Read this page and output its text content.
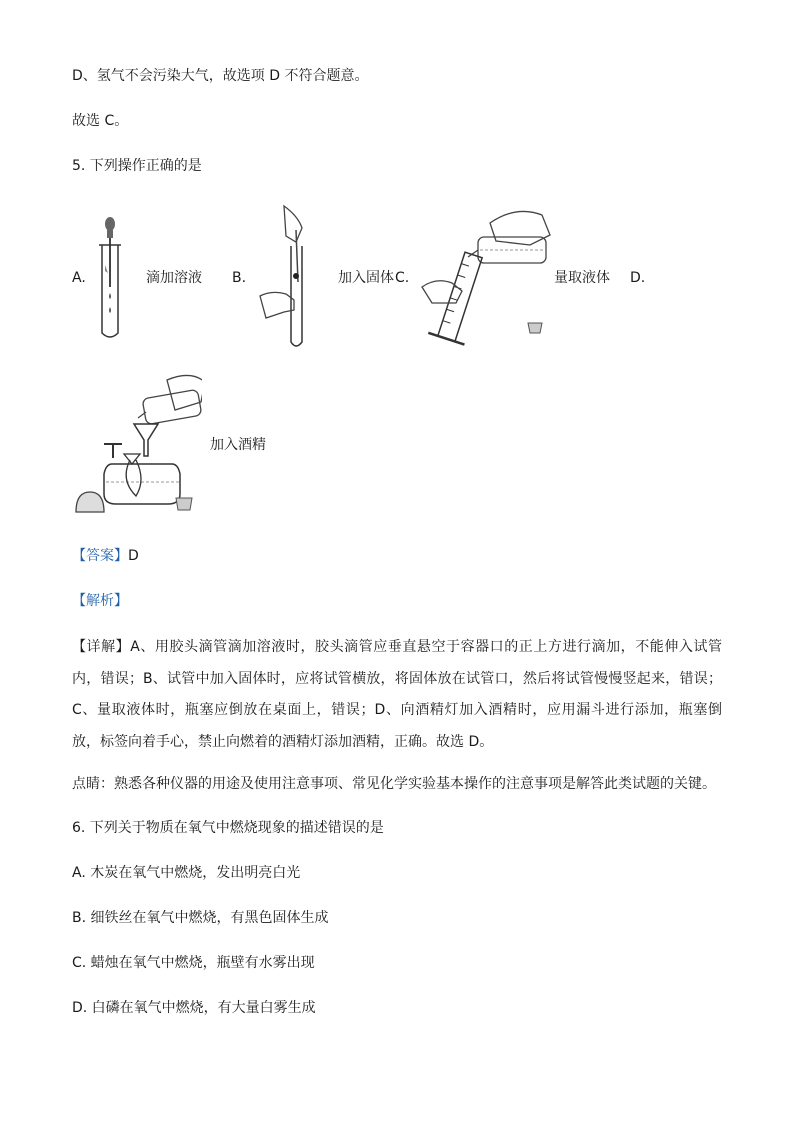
D、氢气不会污染大气，故选项 D 不符合题意。
故选 C。
5. 下列操作正确的是
A.	滴加溶液 B.	加入固体 C.	量取液体 D.
加入酒精
【答案】D
【解析】
【详解】A、用胶头滴管滴加溶液时，胶头滴管应垂直悬空于容器口的正上方进行滴加，不能伸入试管内，错误；B、试管中加入固体时，应将试管横放，将固体放在试管口，然后将试管慢慢竖起来，错误；C、量取液体时，瓶塞应倒放在桌面上，错误；D、向酒精灯加入酒精时，应用漏斗进行添加，瓶塞倒放，标签向着手心，禁止向燃着的酒精灯添加酒精，正确。故选 D。
点睛：熟悉各种仪器的用途及使用注意事项、常见化学实验基本操作的注意事项是解答此类试题的关键。
6. 下列关于物质在氧气中燃烧现象的描述错误的是
A. 木炭在氧气中燃烧，发出明亮白光
B. 细铁丝在氧气中燃烧，有黑色固体生成
C. 蜡烛在氧气中燃烧，瓶壁有水雾出现
D. 白磷在氧气中燃烧，有大量白雾生成
